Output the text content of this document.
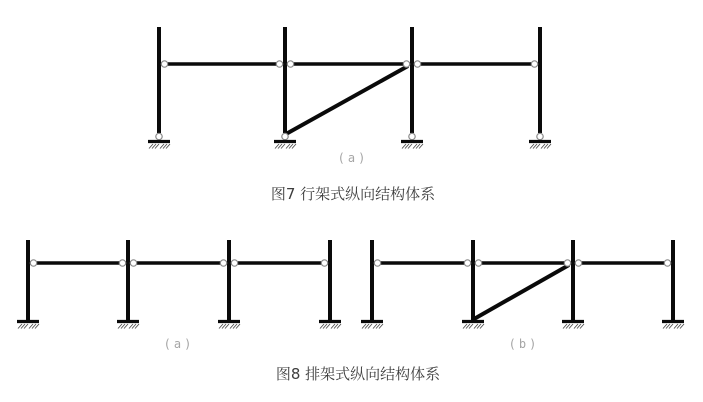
(a)
图7 行架式纵向结构体系
(a)	(b)
图8 排架式纵向结构体系
